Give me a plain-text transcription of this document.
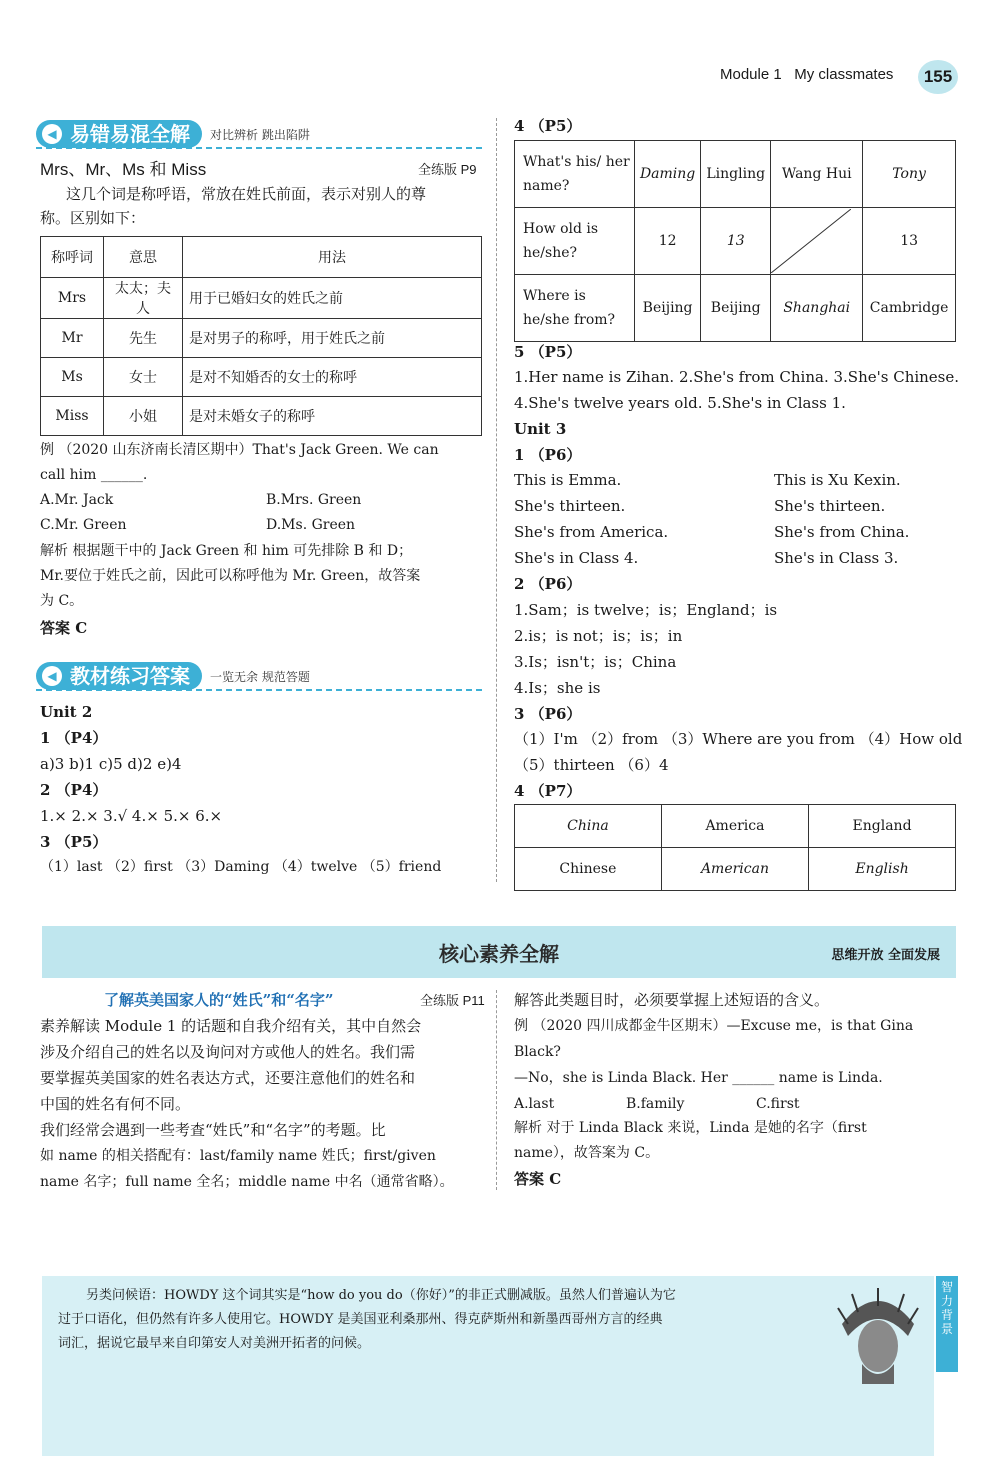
Module 1 My classmates	155
◀ 易错易混全解	对比辨析 跳出陷阱
Mrs、Mr、Ms 和 Miss	全练版 P9
这几个词是称呼语，常放在姓氏前面，表示对别人的尊
称。区别如下：
称呼词	意思	用法
Mrs	太太；夫人	用于已婚妇女的姓氏之前
Mr	先生	是对男子的称呼，用于姓氏之前
Ms	女士	是对不知婚否的女士的称呼
Miss	小姐	是对未婚女子的称呼
例 （2020 山东济南长清区期中）That's Jack Green. We can
call him ______.
A.Mr. Jack	B.Mrs. Green
C.Mr. Green	D.Ms. Green
解析 根据题干中的 Jack Green 和 him 可先排除 B 和 D；
Mr.要位于姓氏之前，因此可以称呼他为 Mr. Green，故答案
为 C。
答案 C
◀ 教材练习答案	一览无余 规范答题
Unit 2
1 （P4）
a)3 b)1 c)5 d)2 e)4
2 （P4）
1.× 2.× 3.√ 4.× 5.× 6.×
3 （P5）
（1）last （2）first （3）Daming （4）twelve （5）friend
4 （P5）
What's his/ her name?	Daming	Lingling	Wang Hui	Tony
How old is he/she?	12	13		13
Where is he/she from?	Beijing	Beijing	Shanghai	Cambridge
5 （P5）
1.Her name is Zihan. 2.She's from China. 3.She's Chinese.
4.She's twelve years old. 5.She's in Class 1.
Unit 3
1 （P6）
This is Emma.
She's thirteen.
She's from America.
She's in Class 4.
This is Xu Kexin.
She's thirteen.
She's from China.
She's in Class 3.
2 （P6）
1.Sam；is twelve；is；England；is
2.is；is not；is；is；in
3.Is；isn't；is；China
4.Is；she is
3 （P6）
（1）I'm （2）from （3）Where are you from （4）How old
（5）thirteen （6）4
4 （P7）
China	America	England
Chinese	American	English
核心素养全解	思维开放 全面发展
了解英美国家人的“姓氏”和“名字”	全练版 P11
素养解读 Module 1 的话题和自我介绍有关，其中自然会
涉及介绍自己的姓名以及询问对方或他人的姓名。我们需
要掌握英美国家的姓名表达方式，还要注意他们的姓名和
中国的姓名有何不同。
我们经常会遇到一些考查“姓氏”和“名字”的考题。比
如 name 的相关搭配有：last/family name 姓氏；first/given
name 名字；full name 全名；middle name 中名（通常省略）。
解答此类题目时，必须要掌握上述短语的含义。
例 （2020 四川成都金牛区期末）—Excuse me，is that Gina
Black?
—No，she is Linda Black. Her ______ name is Linda.
A.last	B.family	C.first
解析 对于 Linda Black 来说，Linda 是她的名字（first
name），故答案为 C。
答案 C
另类问候语：HOWDY 这个词其实是“how do you do（你好）”的非正式删减版。虽然人们普遍认为它
过于口语化，但仍然有许多人使用它。HOWDY 是美国亚利桑那州、得克萨斯州和新墨西哥州方言的经典
词汇，据说它最早来自印第安人对美洲开拓者的问候。
智力背景
